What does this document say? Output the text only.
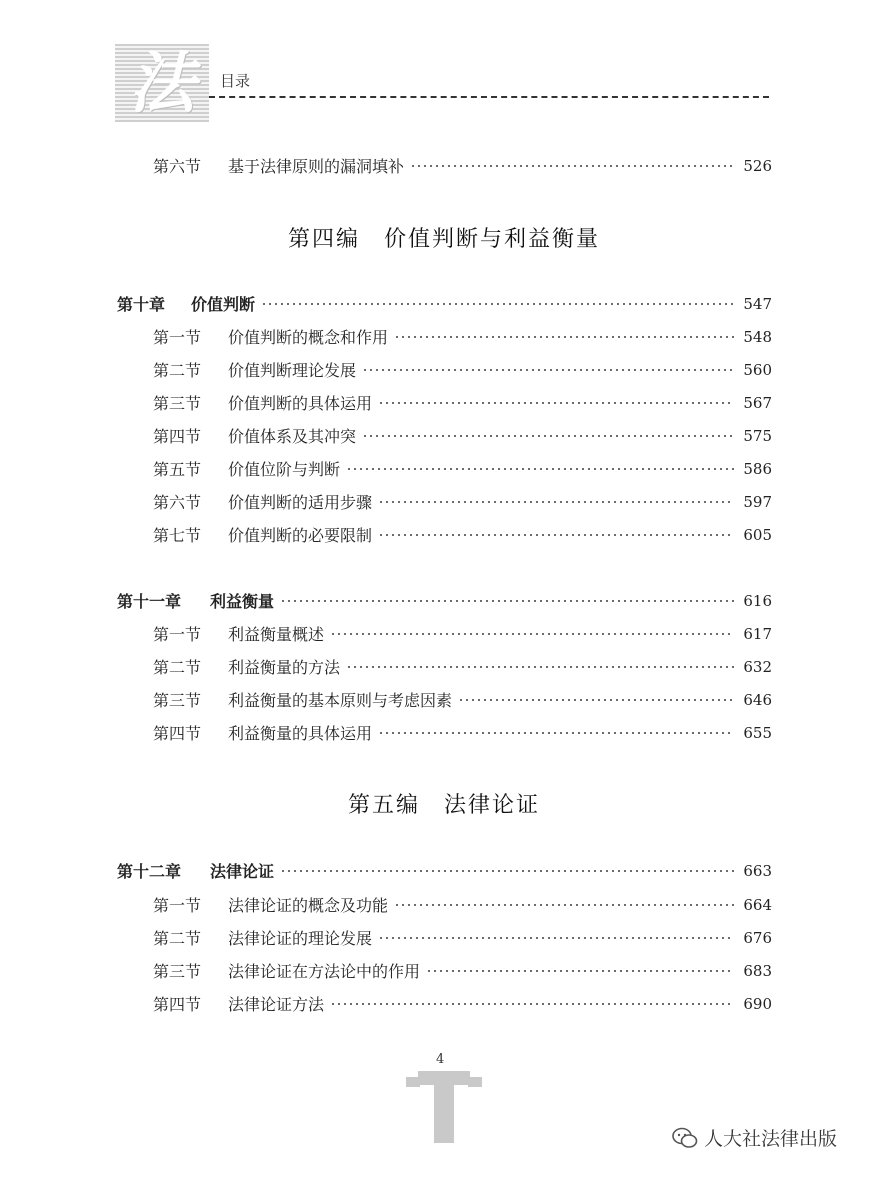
法	目录
第六节 基于法律原则的漏洞填补	526
第四编 价值判断与利益衡量
第十章 价值判断	547
第一节 价值判断的概念和作用	548
第二节 价值判断理论发展	560
第三节 价值判断的具体运用	567
第四节 价值体系及其冲突	575
第五节 价值位阶与判断	586
第六节 价值判断的适用步骤	597
第七节 价值判断的必要限制	605
第十一章 利益衡量	616
第一节 利益衡量概述	617
第二节 利益衡量的方法	632
第三节 利益衡量的基本原则与考虑因素	646
第四节 利益衡量的具体运用	655
第五编 法律论证
第十二章 法律论证	663
第一节 法律论证的概念及功能	664
第二节 法律论证的理论发展	676
第三节 法律论证在方法论中的作用	683
第四节 法律论证方法	690
4
人大社法律出版
